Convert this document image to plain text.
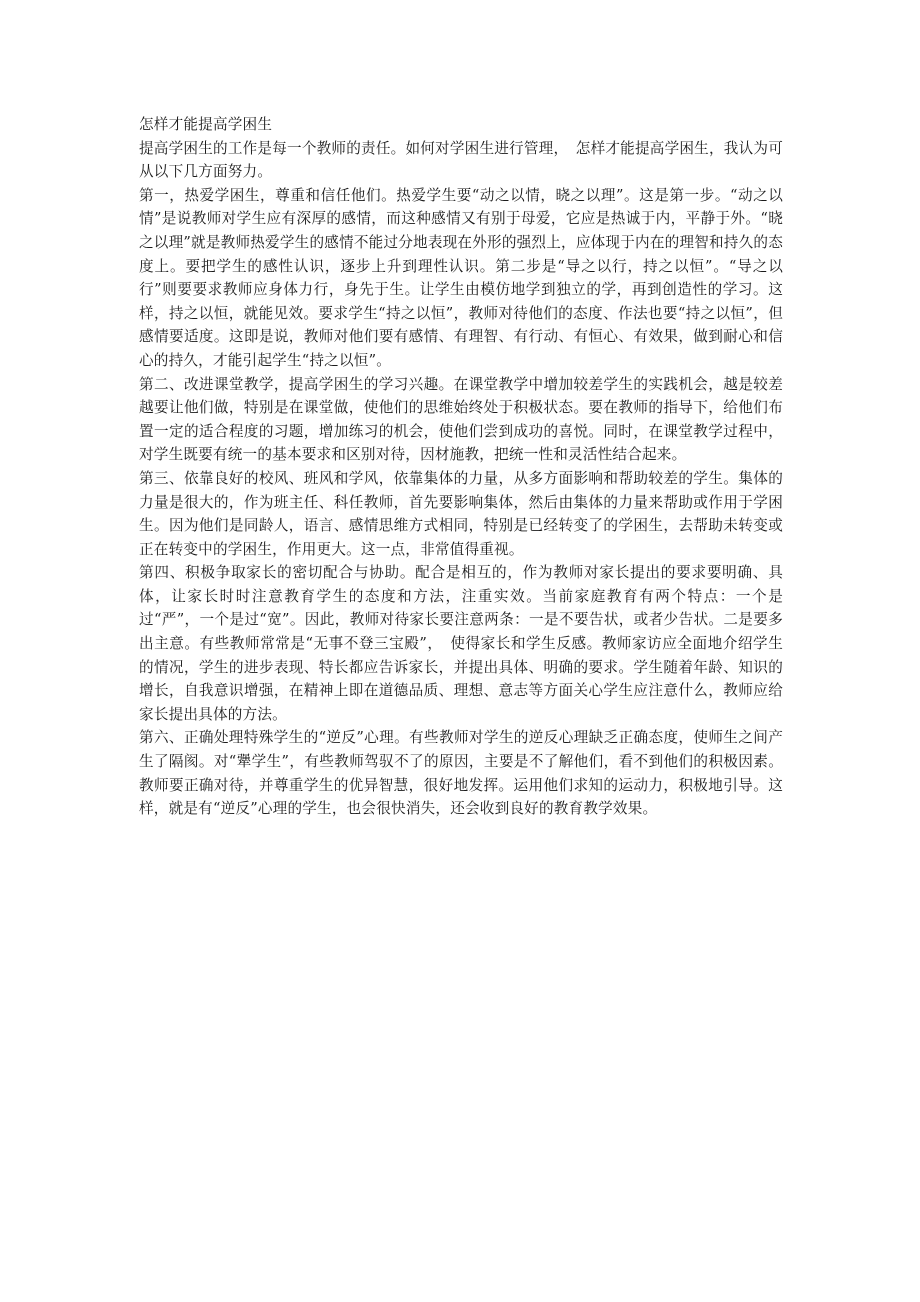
怎样才能提高学困生

提高学困生的工作是每一个教师的责任。如何对学困生进行管理，　怎样才能提高学困生，我认为可从以下几方面努力。

第一，热爱学困生，尊重和信任他们。热爱学生要“动之以情，晓之以理”。这是第一步。“动之以情”是说教师对学生应有深厚的感情，而这种感情又有别于母爱，它应是热诚于内，平静于外。“晓之以理”就是教师热爱学生的感情不能过分地表现在外形的强烈上，应体现于内在的理智和持久的态度上。要把学生的感性认识，逐步上升到理性认识。第二步是“导之以行，持之以恒”。“导之以行”则要要求教师应身体力行，身先于生。让学生由模仿地学到独立的学，再到创造性的学习。这样，持之以恒，就能见效。要求学生“持之以恒”，教师对待他们的态度、作法也要“持之以恒”，但感情要适度。这即是说，教师对他们要有感情、有理智、有行动、有恒心、有效果，做到耐心和信心的持久，才能引起学生“持之以恒”。

第二、改进课堂教学，提高学困生的学习兴趣。在课堂教学中增加较差学生的实践机会，越是较差越要让他们做，特别是在课堂做，使他们的思维始终处于积极状态。要在教师的指导下，给他们布置一定的适合程度的习题，增加练习的机会，使他们尝到成功的喜悦。同时，在课堂教学过程中，对学生既要有统一的基本要求和区别对待，因材施教，把统一性和灵活性结合起来。

第三、依靠良好的校风、班风和学风，依靠集体的力量，从多方面影响和帮助较差的学生。集体的力量是很大的，作为班主任、科任教师，首先要影响集体，然后由集体的力量来帮助或作用于学困生。因为他们是同龄人，语言、感情思维方式相同，特别是已经转变了的学困生，去帮助未转变或正在转变中的学困生，作用更大。这一点，非常值得重视。

第四、积极争取家长的密切配合与协助。配合是相互的，作为教师对家长提出的要求要明确、具体，让家长时时注意教育学生的态度和方法，注重实效。当前家庭教育有两个特点：一个是过“严”，一个是过“宽”。因此，教师对待家长要注意两条：一是不要告状，或者少告状。二是要多出主意。有些教师常常是“无事不登三宝殿”，　使得家长和学生反感。教师家访应全面地介绍学生的情况，学生的进步表现、特长都应告诉家长，并提出具体、明确的要求。学生随着年龄、知识的增长，自我意识增强，在精神上即在道德品质、理想、意志等方面关心学生应注意什么，教师应给家长提出具体的方法。

第六、正确处理特殊学生的“逆反”心理。有些教师对学生的逆反心理缺乏正确态度，使师生之间产生了隔阂。对“犟学生”，有些教师驾驭不了的原因，主要是不了解他们，看不到他们的积极因素。教师要正确对待，并尊重学生的优异智慧，很好地发挥。运用他们求知的运动力，积极地引导。这样，就是有“逆反”心理的学生，也会很快消失，还会收到良好的教育教学效果。
